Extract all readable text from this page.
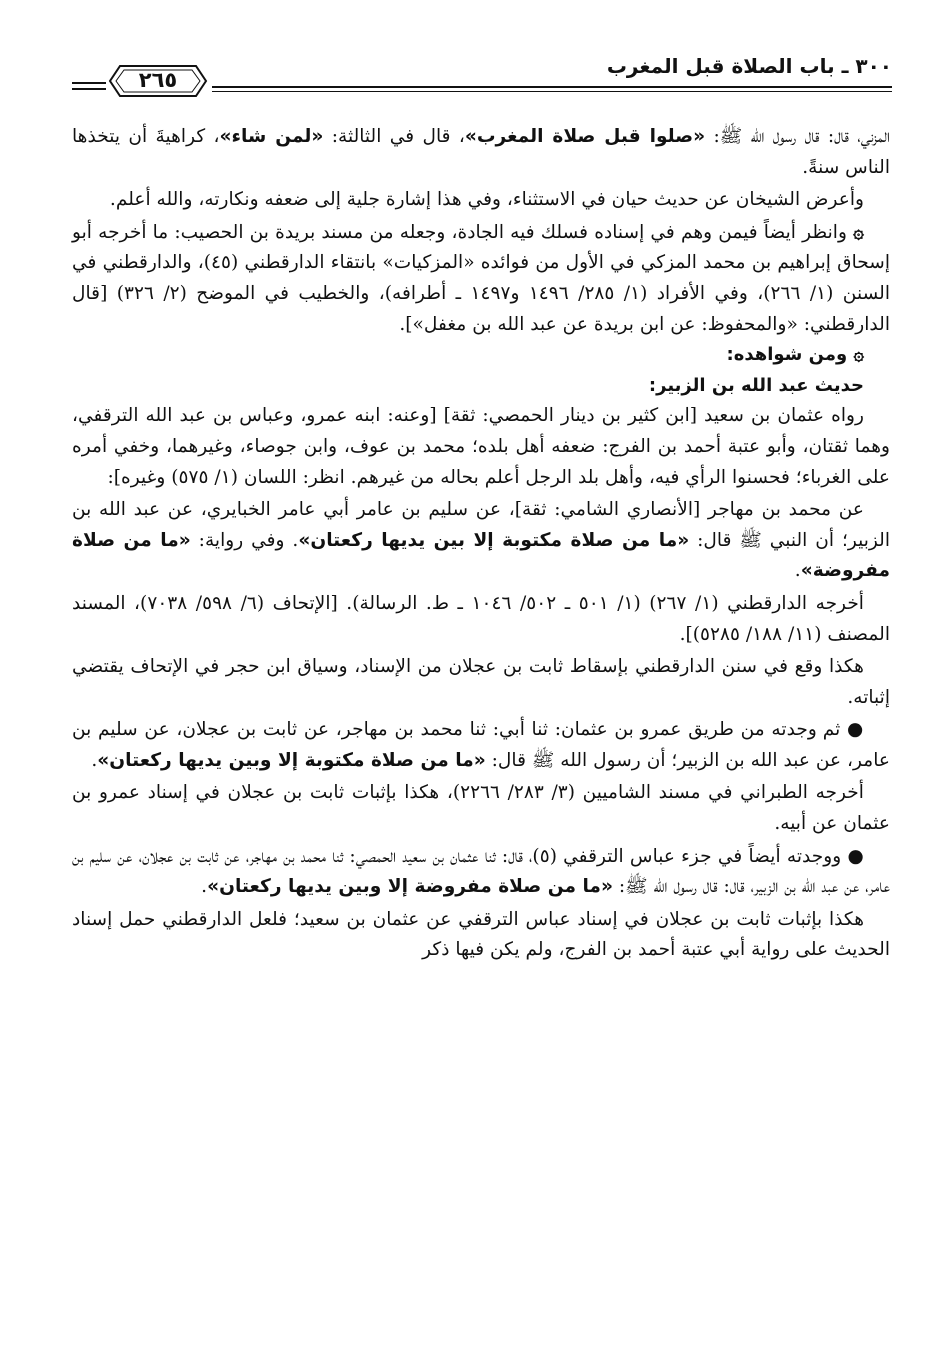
٣٠٠ ـ باب الصلاة قبل المغرب
٢٦٥

المزني، قال: قال رسول الله ﷺ: «صلوا قبل صلاة المغرب»، قال في الثالثة: «لمن شاء»، كراهيةَ أن يتخذها الناس سنةً.

وأعرض الشيخان عن حديث حيان في الاستثناء، وفي هذا إشارة جلية إلى ضعفه ونكارته، والله أعلم.

۞ وانظر أيضاً فيمن وهم في إسناده فسلك فيه الجادة، وجعله من مسند بريدة بن الحصيب: ما أخرجه أبو إسحاق إبراهيم بن محمد المزكي في الأول من فوائده «المزكيات» بانتقاء الدارقطني (٤٥)، والدارقطني في السنن (١/ ٢٦٦)، وفي الأفراد (١/ ٢٨٥/ ١٤٩٦ و١٤٩٧ ـ أطرافه)، والخطيب في الموضح (٢/ ٣٢٦) [قال الدارقطني: «والمحفوظ: عن ابن بريدة عن عبد الله بن مغفل»].

۞ ومن شواهده:

حديث عبد الله بن الزبير:

رواه عثمان بن سعيد [ابن كثير بن دينار الحمصي: ثقة] [وعنه: ابنه عمرو، وعباس بن عبد الله الترقفي، وهما ثقتان، وأبو عتبة أحمد بن الفرج: ضعفه أهل بلده؛ محمد بن عوف، وابن جوصاء، وغيرهما، وخفي أمره على الغرباء؛ فحسنوا الرأي فيه، وأهل بلد الرجل أعلم بحاله من غيرهم. انظر: اللسان (١/ ٥٧٥) وغيره]:

عن محمد بن مهاجر [الأنصاري الشامي: ثقة]، عن سليم بن عامر أبي عامر الخبايري، عن عبد الله بن الزبير؛ أن النبي ﷺ قال: «ما من صلاة مكتوبة إلا بين يديها ركعتان». وفي رواية: «ما من صلاة مفروضة».

أخرجه الدارقطني (١/ ٢٦٧) (١/ ٥٠١ ـ ٥٠٢/ ١٠٤٦ ـ ط. الرسالة). [الإتحاف (٦/ ٥٩٨/ ٧٠٣٨)، المسند المصنف (١١/ ١٨٨/ ٥٢٨٥)].

هكذا وقع في سنن الدارقطني بإسقاط ثابت بن عجلان من الإسناد، وسياق ابن حجر في الإتحاف يقتضي إثباته.

● ثم وجدته من طريق عمرو بن عثمان: ثنا أبي: ثنا محمد بن مهاجر، عن ثابت بن عجلان، عن سليم بن عامر، عن عبد الله بن الزبير؛ أن رسول الله ﷺ قال: «ما من صلاة مكتوبة إلا وبين يديها ركعتان».

أخرجه الطبراني في مسند الشاميين (٣/ ٢٨٣/ ٢٢٦٦)، هكذا بإثبات ثابت بن عجلان في إسناد عمرو بن عثمان عن أبيه.

● ووجدته أيضاً في جزء عباس الترقفي (٥)، قال: ثنا عثمان بن سعيد الحمصي: ثنا محمد بن مهاجر، عن ثابت بن عجلان، عن سليم بن عامر، عن عبد الله بن الزبير، قال: قال رسول الله ﷺ: «ما من صلاة مفروضة إلا وبين يديها ركعتان».

هكذا بإثبات ثابت بن عجلان في إسناد عباس الترقفي عن عثمان بن سعيد؛ فلعل الدارقطني حمل إسناد الحديث على رواية أبي عتبة أحمد بن الفرج، ولم يكن فيها ذكر
